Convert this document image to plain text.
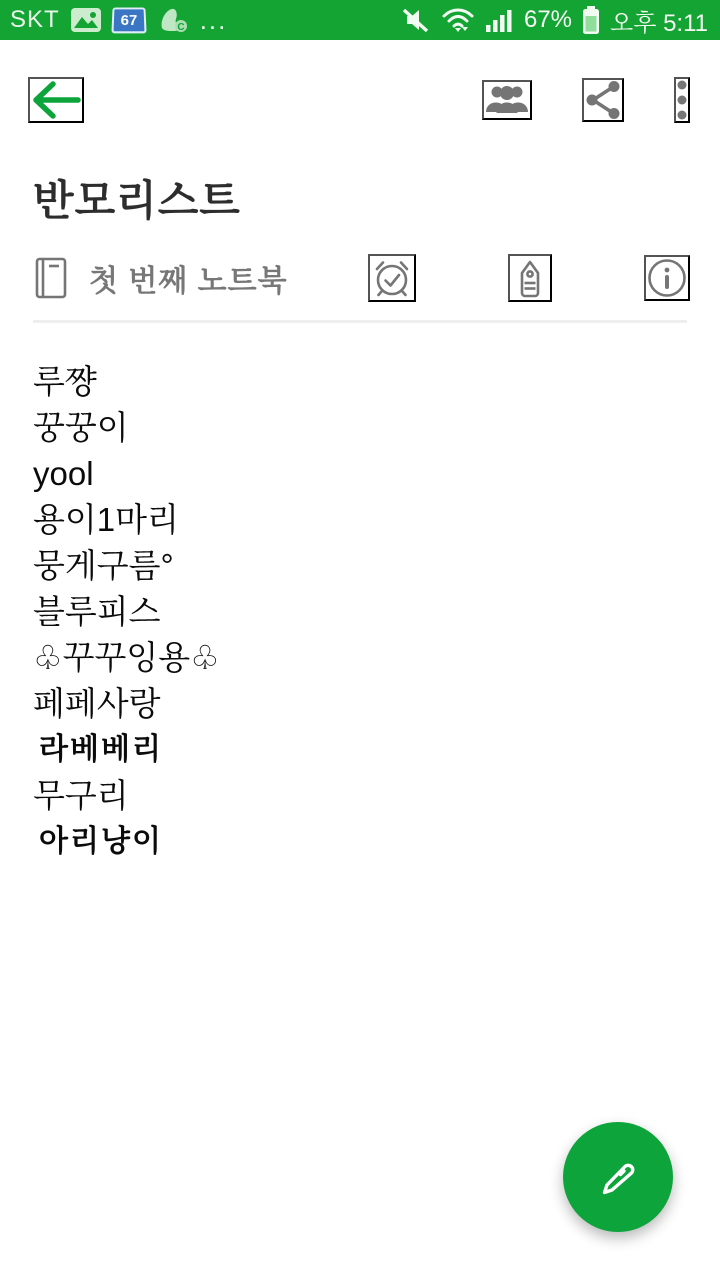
SKT	67	C ...	67% 오후 5:11
반모리스트
첫 번째 노트북
루쨩
꿍꿍이
yool
용이1마리
뭉게구름°
블루피스
♧꾸꾸잉용♧
페페사랑
라베베리
무구리
아리냥이
